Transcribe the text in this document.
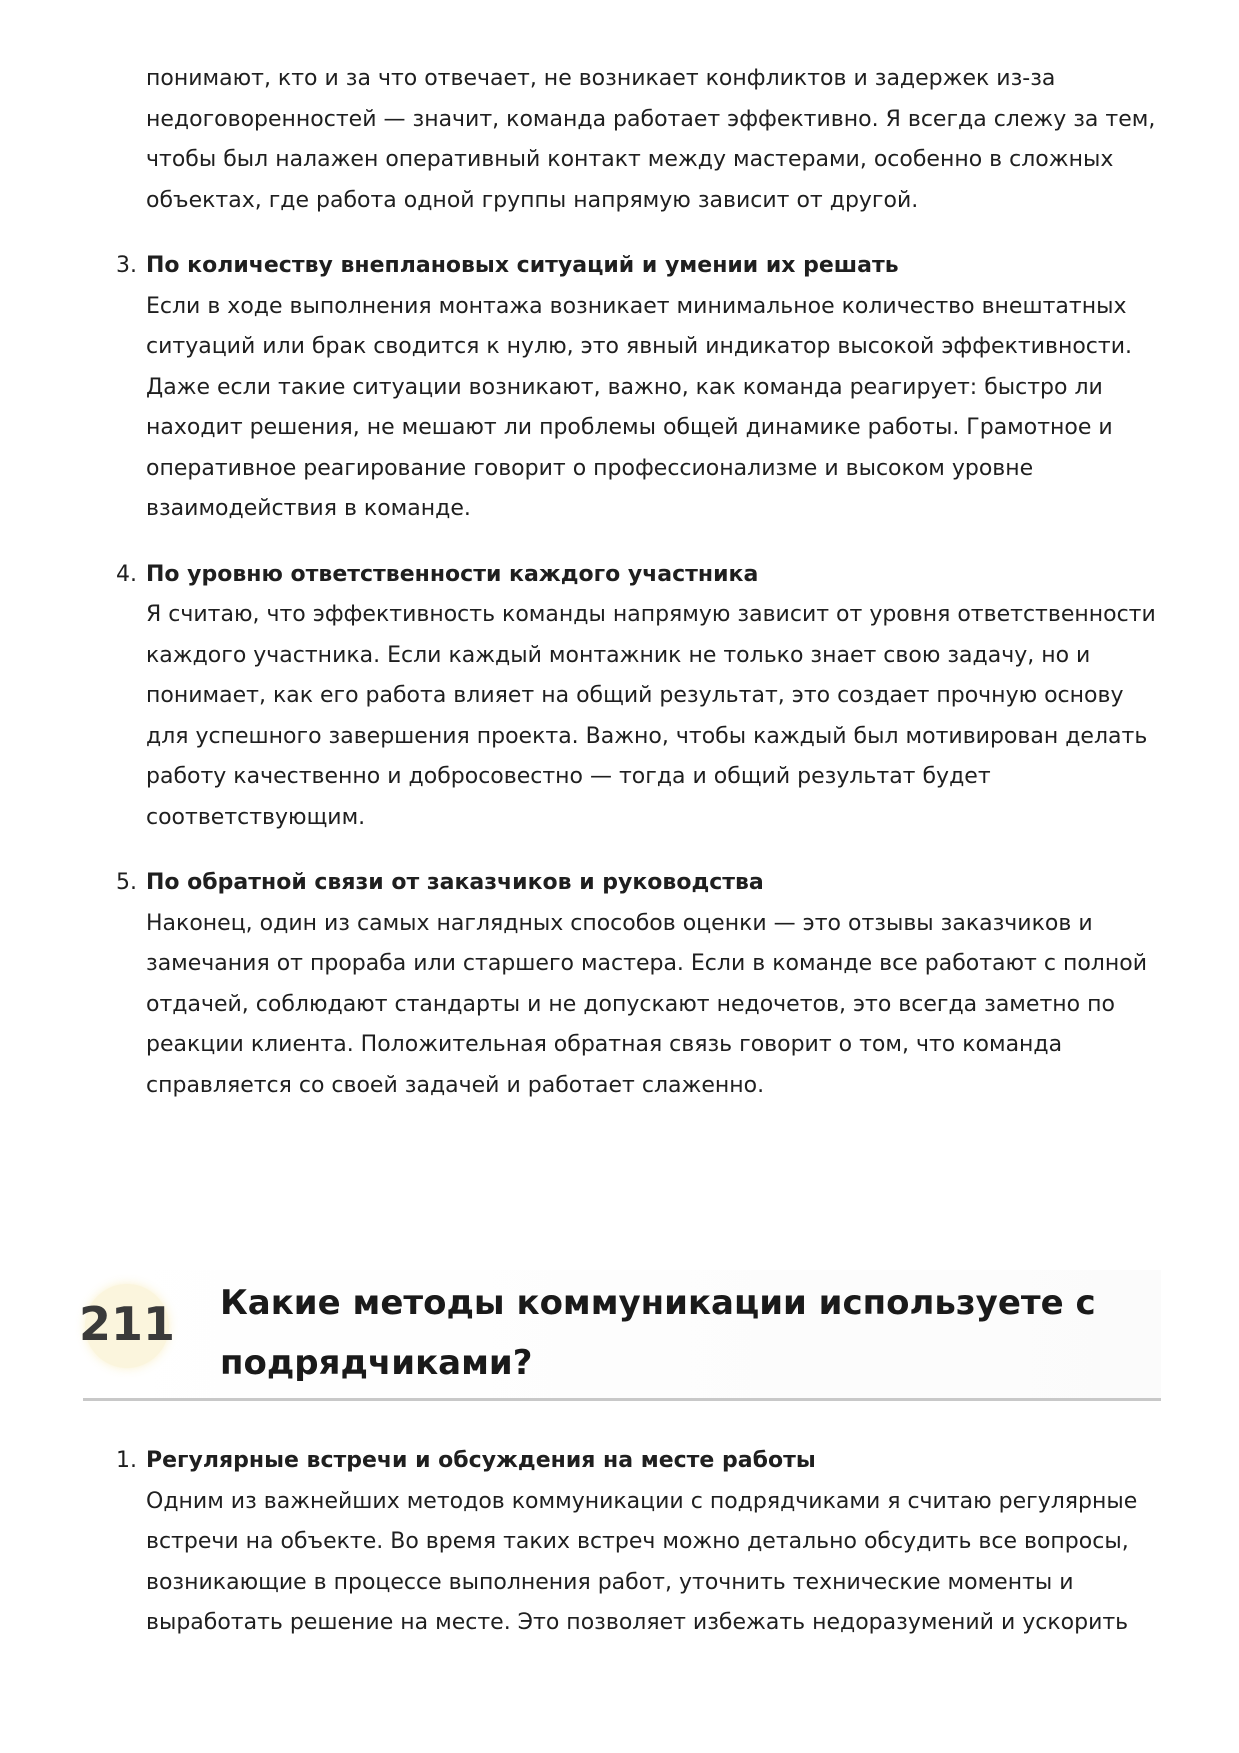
понимают, кто и за что отвечает, не возникает конфликтов и задержек из-за недоговоренностей — значит, команда работает эффективно. Я всегда слежу за тем, чтобы был налажен оперативный контакт между мастерами, особенно в сложных объектах, где работа одной группы напрямую зависит от другой.
3. По количеству внеплановых ситуаций и умении их решать
Если в ходе выполнения монтажа возникает минимальное количество внештатных ситуаций или брак сводится к нулю, это явный индикатор высокой эффективности. Даже если такие ситуации возникают, важно, как команда реагирует: быстро ли находит решения, не мешают ли проблемы общей динамике работы. Грамотное и оперативное реагирование говорит о профессионализме и высоком уровне взаимодействия в команде.
4. По уровню ответственности каждого участника
Я считаю, что эффективность команды напрямую зависит от уровня ответственности каждого участника. Если каждый монтажник не только знает свою задачу, но и понимает, как его работа влияет на общий результат, это создает прочную основу для успешного завершения проекта. Важно, чтобы каждый был мотивирован делать работу качественно и добросовестно — тогда и общий результат будет соответствующим.
5. По обратной связи от заказчиков и руководства
Наконец, один из самых наглядных способов оценки — это отзывы заказчиков и замечания от прораба или старшего мастера. Если в команде все работают с полной отдачей, соблюдают стандарты и не допускают недочетов, это всегда заметно по реакции клиента. Положительная обратная связь говорит о том, что команда справляется со своей задачей и работает слаженно.
211 Какие методы коммуникации используете с подрядчиками?
1. Регулярные встречи и обсуждения на месте работы
Одним из важнейших методов коммуникации с подрядчиками я считаю регулярные встречи на объекте. Во время таких встреч можно детально обсудить все вопросы, возникающие в процессе выполнения работ, уточнить технические моменты и выработать решение на месте. Это позволяет избежать недоразумений и ускорить
